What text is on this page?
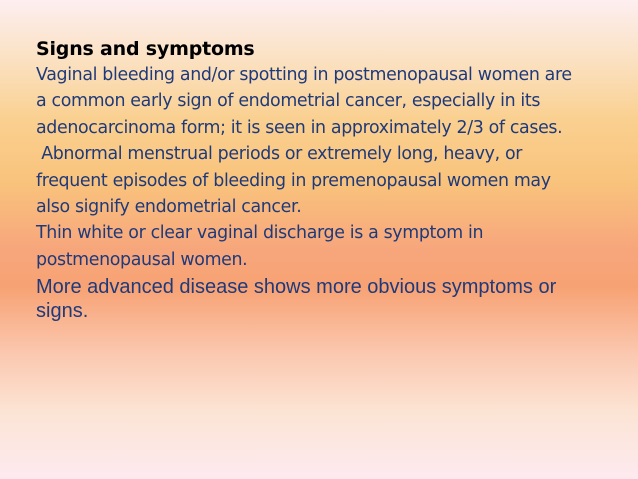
Signs and symptoms

Vaginal bleeding and/or spotting in postmenopausal women are a common early sign of endometrial cancer, especially in its adenocarcinoma form; it is seen in approximately 2/3 of cases.

Abnormal menstrual periods or extremely long, heavy, or frequent episodes of bleeding in premenopausal women may also signify endometrial cancer.

Thin white or clear vaginal discharge is a symptom in postmenopausal women.

More advanced disease shows more obvious symptoms or signs.
